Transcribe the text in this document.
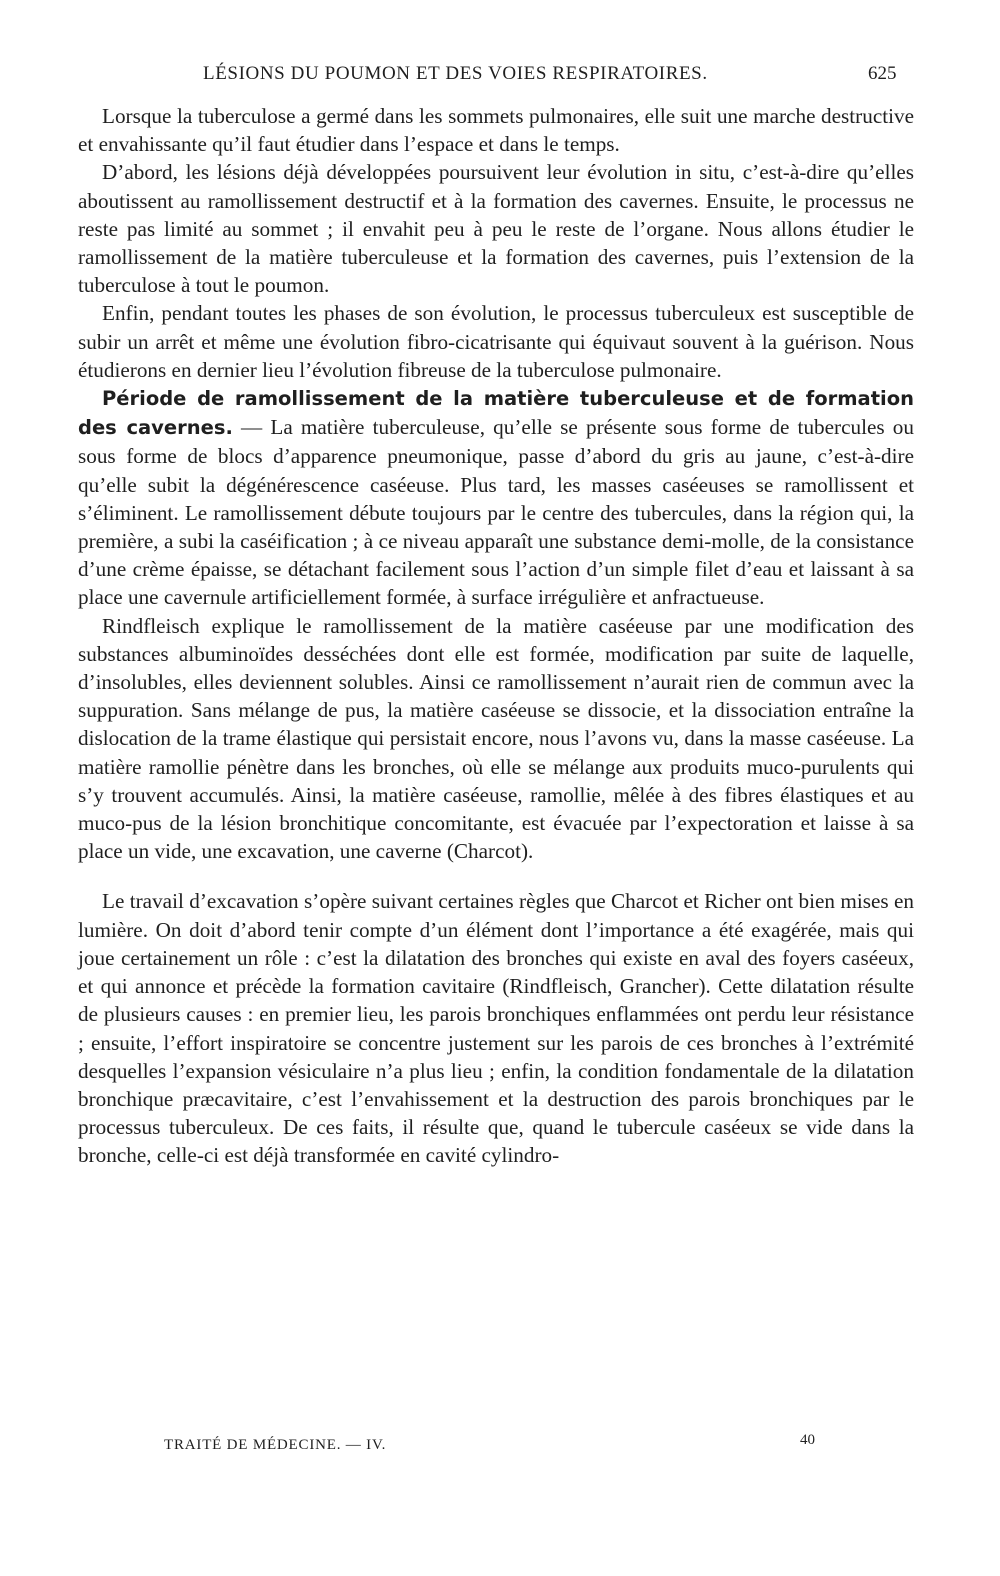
LÉSIONS DU POUMON ET DES VOIES RESPIRATOIRES.	625

Lorsque la tuberculose a germé dans les sommets pulmonaires, elle suit une marche destructive et envahissante qu’il faut étudier dans l’espace et dans le temps.

D’abord, les lésions déjà développées poursuivent leur évolution in situ, c’est-à-dire qu’elles aboutissent au ramollissement destructif et à la formation des cavernes. Ensuite, le processus ne reste pas limité au sommet ; il envahit peu à peu le reste de l’organe. Nous allons étudier le ramollissement de la matière tuberculeuse et la formation des cavernes, puis l’extension de la tuberculose à tout le poumon.

Enfin, pendant toutes les phases de son évolution, le processus tuberculeux est susceptible de subir un arrêt et même une évolution fibro-cicatrisante qui équivaut souvent à la guérison. Nous étudierons en dernier lieu l’évolution fibreuse de la tuberculose pulmonaire.

Période de ramollissement de la matière tuberculeuse et de formation des cavernes. — La matière tuberculeuse, qu’elle se présente sous forme de tubercules ou sous forme de blocs d’apparence pneumonique, passe d’abord du gris au jaune, c’est-à-dire qu’elle subit la dégénérescence caséeuse. Plus tard, les masses caséeuses se ramollissent et s’éliminent. Le ramollissement débute toujours par le centre des tubercules, dans la région qui, la première, a subi la caséification ; à ce niveau apparaît une substance demi-molle, de la consistance d’une crème épaisse, se détachant facilement sous l’action d’un simple filet d’eau et laissant à sa place une cavernule artificiellement formée, à surface irrégulière et anfractueuse.

Rindfleisch explique le ramollissement de la matière caséeuse par une modification des substances albuminoïdes desséchées dont elle est formée, modification par suite de laquelle, d’insolubles, elles deviennent solubles. Ainsi ce ramollissement n’aurait rien de commun avec la suppuration. Sans mélange de pus, la matière caséeuse se dissocie, et la dissociation entraîne la dislocation de la trame élastique qui persistait encore, nous l’avons vu, dans la masse caséeuse. La matière ramollie pénètre dans les bronches, où elle se mélange aux produits muco-purulents qui s’y trouvent accumulés. Ainsi, la matière caséeuse, ramollie, mêlée à des fibres élastiques et au muco-pus de la lésion bronchitique concomitante, est évacuée par l’expectoration et laisse à sa place un vide, une excavation, une caverne (Charcot).

Le travail d’excavation s’opère suivant certaines règles que Charcot et Richer ont bien mises en lumière. On doit d’abord tenir compte d’un élément dont l’importance a été exagérée, mais qui joue certainement un rôle : c’est la dilatation des bronches qui existe en aval des foyers caséeux, et qui annonce et précède la formation cavitaire (Rindfleisch, Grancher). Cette dilatation résulte de plusieurs causes : en premier lieu, les parois bronchiques enflammées ont perdu leur résistance ; ensuite, l’effort inspiratoire se concentre justement sur les parois de ces bronches à l’extrémité desquelles l’expansion vésiculaire n’a plus lieu ; enfin, la condition fondamentale de la dilatation bronchique præcavitaire, c’est l’envahissement et la destruction des parois bronchiques par le processus tuberculeux. De ces faits, il résulte que, quand le tubercule caséeux se vide dans la bronche, celle-ci est déjà transformée en cavité cylindro-

TRAITÉ DE MÉDECINE. — IV.	40
